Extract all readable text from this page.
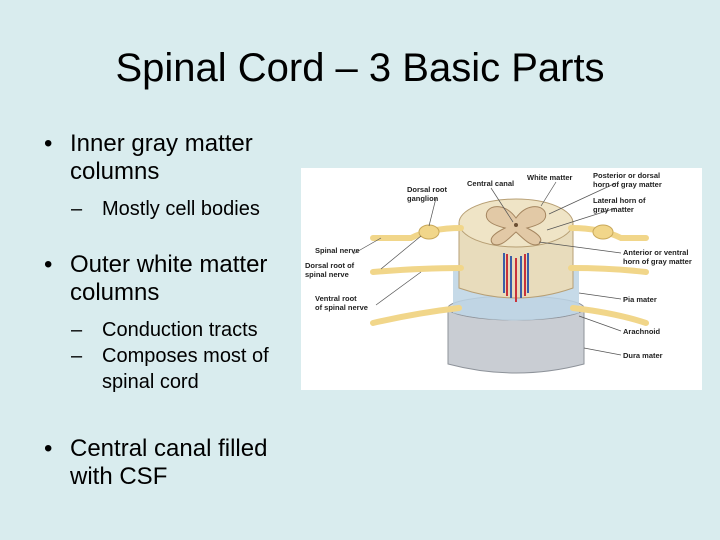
Spinal Cord – 3 Basic Parts
• Inner gray matter columns
– Mostly cell bodies
• Outer white matter columns
– Conduction tracts
– Composes most of spinal cord
• Central canal filled with CSF
Dorsal root
ganglion
Central canal
White matter	Posterior or dorsal
horn of gray matter
Lateral horn of
gray matter
Spinal nerve
Dorsal root of
spinal nerve
Anterior or ventral
horn of gray matter
Ventral root
of spinal nerve
Pia mater
Arachnoid
Dura mater
